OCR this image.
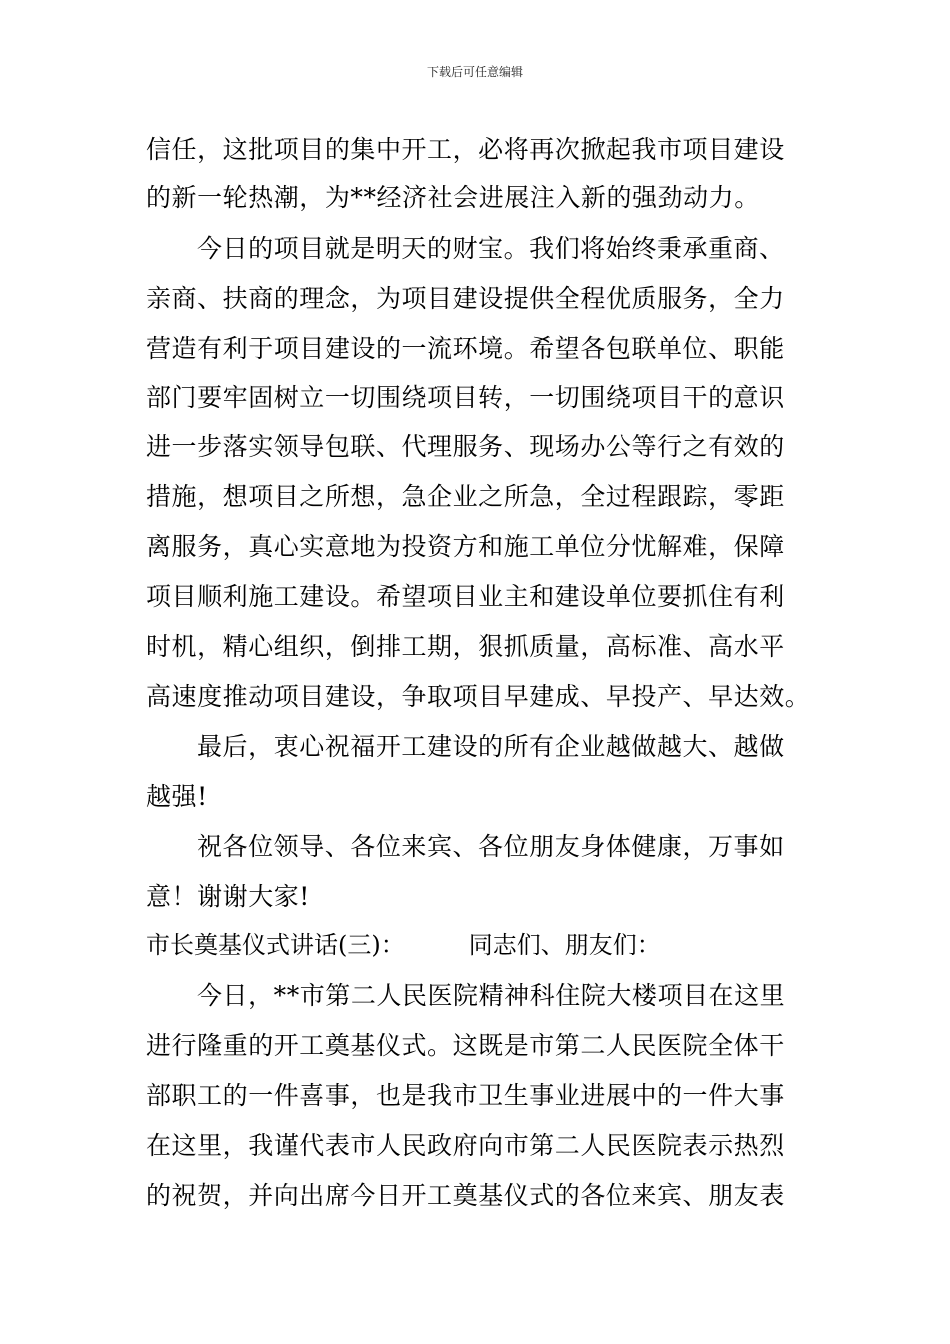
下载后可任意编辑
信任，这批项目的集中开工，必将再次掀起我市项目建设
的新一轮热潮，为**经济社会进展注入新的强劲动力。
今日的项目就是明天的财宝。我们将始终秉承重商、
亲商、扶商的理念，为项目建设提供全程优质服务，全力
营造有利于项目建设的一流环境。希望各包联单位、职能
部门要牢固树立一切围绕项目转，一切围绕项目干的意识
进一步落实领导包联、代理服务、现场办公等行之有效的
措施，想项目之所想，急企业之所急，全过程跟踪，零距
离服务，真心实意地为投资方和施工单位分忧解难，保障
项目顺利施工建设。希望项目业主和建设单位要抓住有利
时机，精心组织，倒排工期，狠抓质量，高标准、高水平
高速度推动项目建设，争取项目早建成、早投产、早达效。
最后，衷心祝福开工建设的所有企业越做越大、越做
越强!
祝各位领导、各位来宾、各位朋友身体健康，万事如
意！谢谢大家!
市长奠基仪式讲话(三)：	同志们、朋友们：
今日，**市第二人民医院精神科住院大楼项目在这里
进行隆重的开工奠基仪式。这既是市第二人民医院全体干
部职工的一件喜事，也是我市卫生事业进展中的一件大事
在这里，我谨代表市人民政府向市第二人民医院表示热烈
的祝贺，并向出席今日开工奠基仪式的各位来宾、朋友表
